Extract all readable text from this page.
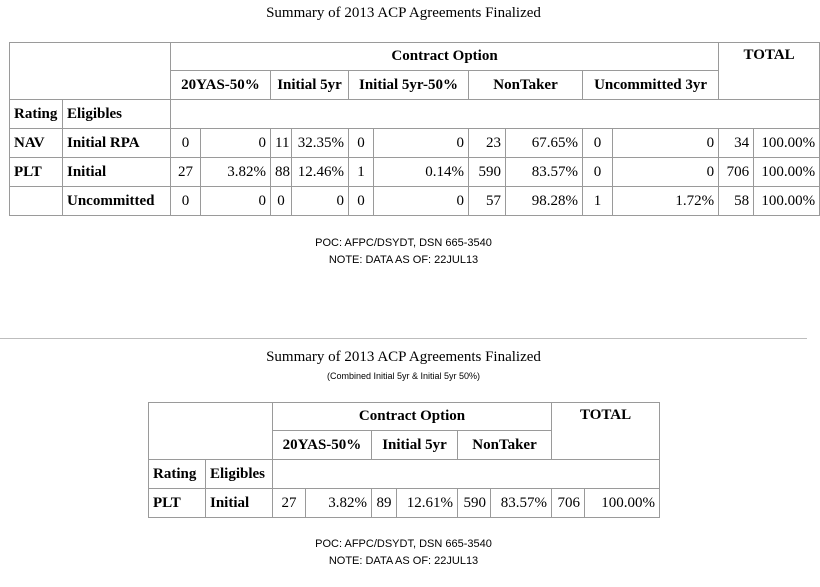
Summary of 2013 ACP Agreements Finalized
		Contract Option										TOTAL	
		20YAS-50%		Initial 5yr		Initial 5yr-50%		NonTaker		Uncommitted 3yr			
Rating	Eligibles												
NAV	Initial RPA	0	0	11	32.35%	0	0	23	67.65%	0	0	34	100.00%
PLT	Initial	27	3.82%	88	12.46%	1	0.14%	590	83.57%	0	0	706	100.00%
	Uncommitted	0	0	0	0	0	0	57	98.28%	1	1.72%	58	100.00%
POC: AFPC/DSYDT, DSN 665-3540
NOTE: DATA AS OF: 22JUL13
Summary of 2013 ACP Agreements Finalized
(Combined Initial 5yr & Initial 5yr 50%)
		Contract Option						TOTAL	
		20YAS-50%		Initial 5yr		NonTaker			
Rating	Eligibles								
PLT	Initial	27	3.82%	89	12.61%	590	83.57%	706	100.00%
POC: AFPC/DSYDT, DSN 665-3540
NOTE: DATA AS OF: 22JUL13
